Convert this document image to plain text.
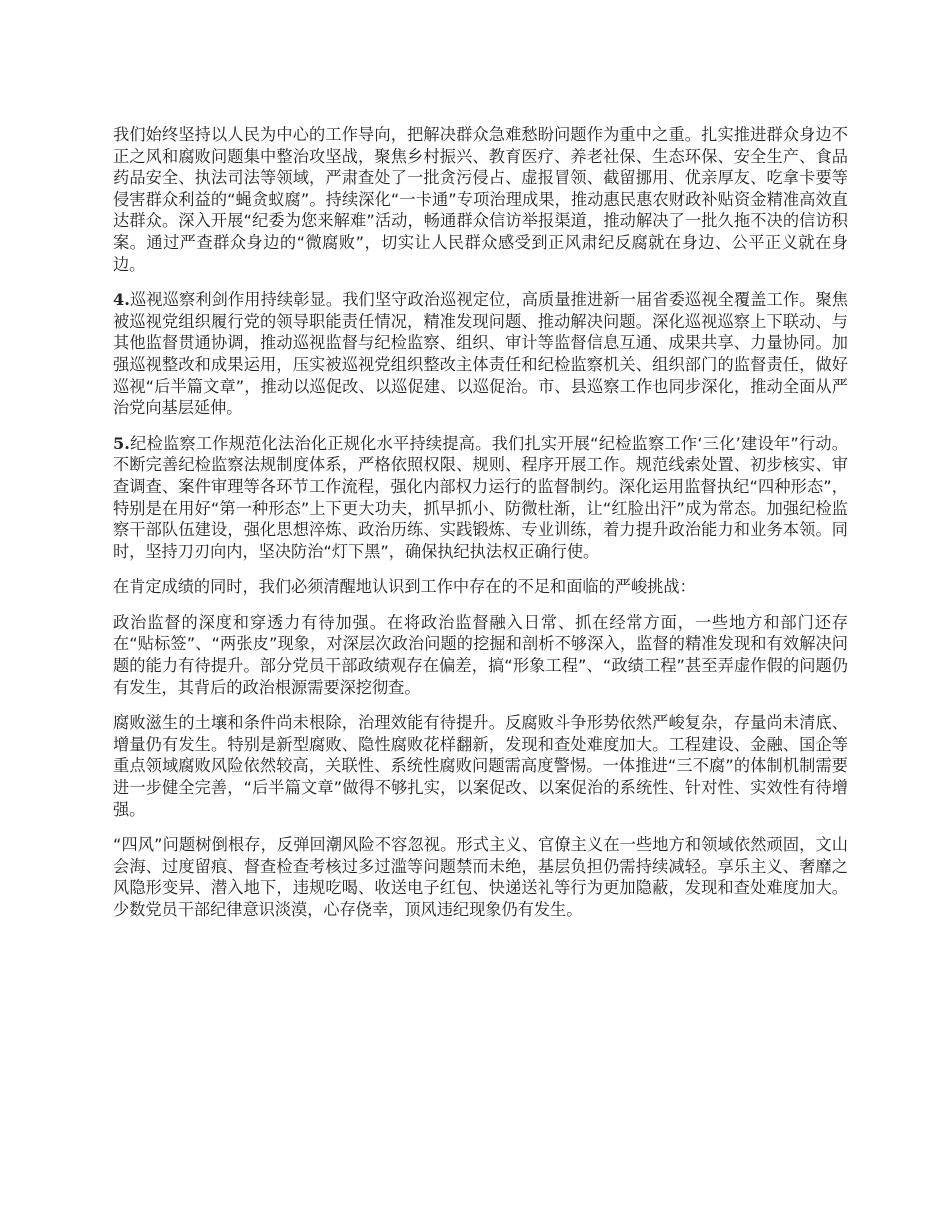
我们始终坚持以人民为中心的工作导向，把解决群众急难愁盼问题作为重中之重。扎实推进群众身边不正之风和腐败问题集中整治攻坚战，聚焦乡村振兴、教育医疗、养老社保、生态环保、安全生产、食品药品安全、执法司法等领域，严肃查处了一批贪污侵占、虚报冒领、截留挪用、优亲厚友、吃拿卡要等侵害群众利益的“蝇贪蚁腐”。持续深化“一卡通”专项治理成果，推动惠民惠农财政补贴资金精准高效直达群众。深入开展“纪委为您来解难”活动，畅通群众信访举报渠道，推动解决了一批久拖不决的信访积案。通过严查群众身边的“微腐败”，切实让人民群众感受到正风肃纪反腐就在身边、公平正义就在身边。

4.巡视巡察利剑作用持续彰显。我们坚守政治巡视定位，高质量推进新一届省委巡视全覆盖工作。聚焦被巡视党组织履行党的领导职能责任情况，精准发现问题、推动解决问题。深化巡视巡察上下联动、与其他监督贯通协调，推动巡视监督与纪检监察、组织、审计等监督信息互通、成果共享、力量协同。加强巡视整改和成果运用，压实被巡视党组织整改主体责任和纪检监察机关、组织部门的监督责任，做好巡视“后半篇文章”，推动以巡促改、以巡促建、以巡促治。市、县巡察工作也同步深化，推动全面从严治党向基层延伸。

5.纪检监察工作规范化法治化正规化水平持续提高。我们扎实开展“纪检监察工作‘三化’建设年”行动。不断完善纪检监察法规制度体系，严格依照权限、规则、程序开展工作。规范线索处置、初步核实、审查调查、案件审理等各环节工作流程，强化内部权力运行的监督制约。深化运用监督执纪“四种形态”，特别是在用好“第一种形态”上下更大功夫，抓早抓小、防微杜渐，让“红脸出汗”成为常态。加强纪检监察干部队伍建设，强化思想淬炼、政治历练、实践锻炼、专业训练，着力提升政治能力和业务本领。同时，坚持刀刃向内，坚决防治“灯下黑”，确保执纪执法权正确行使。

在肯定成绩的同时，我们必须清醒地认识到工作中存在的不足和面临的严峻挑战：

政治监督的深度和穿透力有待加强。在将政治监督融入日常、抓在经常方面，一些地方和部门还存在“贴标签”、“两张皮”现象，对深层次政治问题的挖掘和剖析不够深入，监督的精准发现和有效解决问题的能力有待提升。部分党员干部政绩观存在偏差，搞“形象工程”、“政绩工程”甚至弄虚作假的问题仍有发生，其背后的政治根源需要深挖彻查。

腐败滋生的土壤和条件尚未根除，治理效能有待提升。反腐败斗争形势依然严峻复杂，存量尚未清底、增量仍有发生。特别是新型腐败、隐性腐败花样翻新，发现和查处难度加大。工程建设、金融、国企等重点领域腐败风险依然较高，关联性、系统性腐败问题需高度警惕。一体推进“三不腐”的体制机制需要进一步健全完善，“后半篇文章”做得不够扎实，以案促改、以案促治的系统性、针对性、实效性有待增强。

“四风”问题树倒根存，反弹回潮风险不容忽视。形式主义、官僚主义在一些地方和领域依然顽固，文山会海、过度留痕、督查检查考核过多过滥等问题禁而未绝，基层负担仍需持续减轻。享乐主义、奢靡之风隐形变异、潜入地下，违规吃喝、收送电子红包、快递送礼等行为更加隐蔽，发现和查处难度加大。少数党员干部纪律意识淡漠，心存侥幸，顶风违纪现象仍有发生。
